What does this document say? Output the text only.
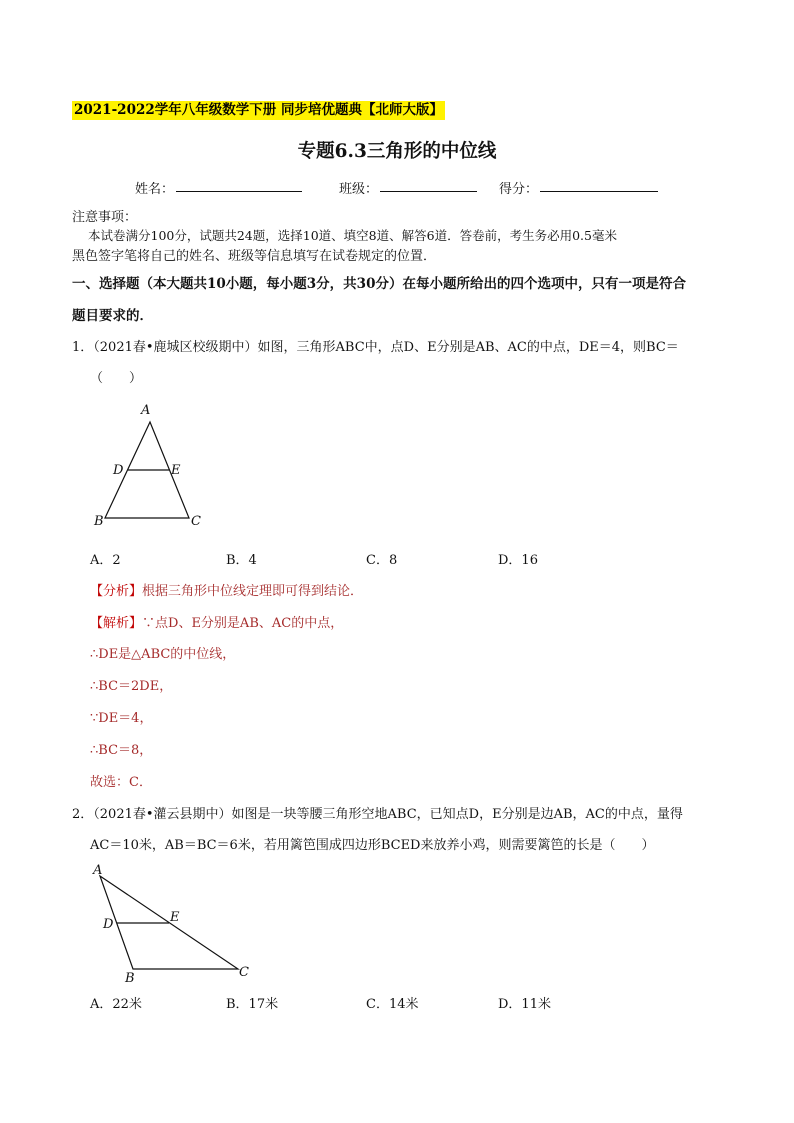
2021-2022学年八年级数学下册 同步培优题典【北师大版】
专题6.3三角形的中位线
姓名：	班级：	得分：
注意事项：
本试卷满分100分，试题共24题，选择10道、填空8道、解答6道．答卷前，考生务必用0.5毫米
黑色签字笔将自己的姓名、班级等信息填写在试卷规定的位置．
一、选择题（本大题共10小题，每小题3分，共30分）在每小题所给出的四个选项中，只有一项是符合
题目要求的．
1．（2021春•鹿城区校级期中）如图，三角形ABC中，点D、E分别是AB、AC的中点，DE＝4，则BC＝
（　　）
A
D	E
B	C
A．2	B．4	C．8	D．16
【分析】根据三角形中位线定理即可得到结论．
【解析】∵点D、E分别是AB、AC的中点，
∴DE是△ABC的中位线，
∴BC＝2DE，
∵DE＝4，
∴BC＝8，
故选：C．
2．（2021春•灌云县期中）如图是一块等腰三角形空地ABC，已知点D，E分别是边AB，AC的中点，量得
AC＝10米，AB＝BC＝6米，若用篱笆围成四边形BCED来放养小鸡，则需要篱笆的长是（　　）
A
D	E
B	C
A．22米	B．17米	C．14米	D．11米
